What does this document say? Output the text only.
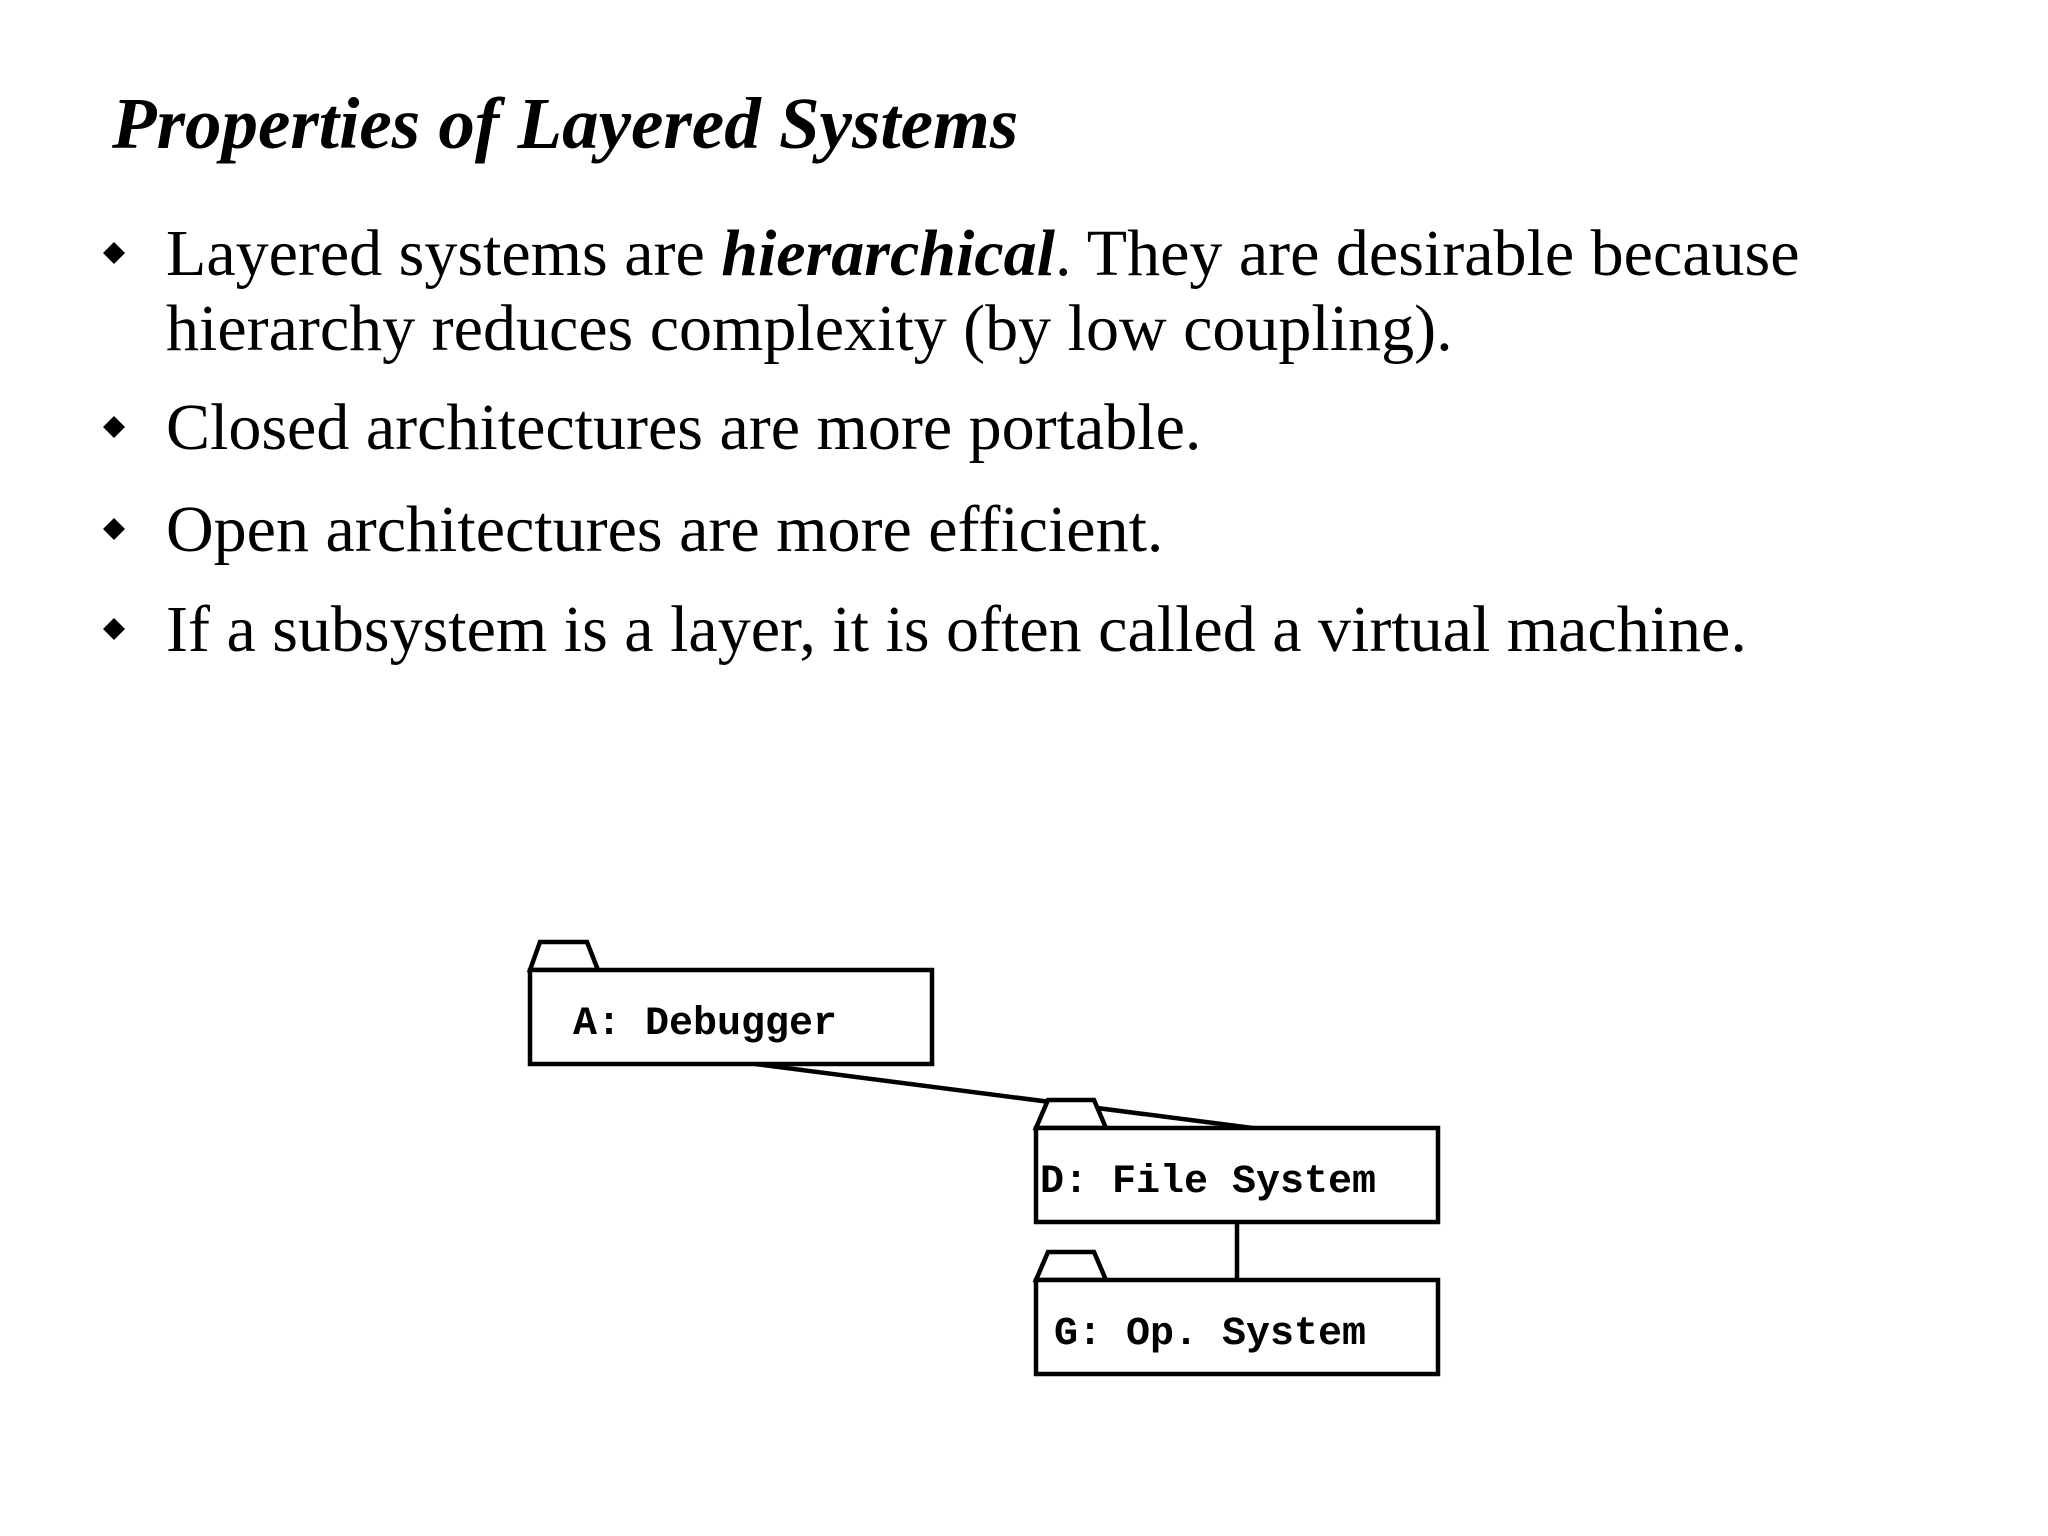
Properties of Layered Systems

Layered systems are hierarchical. They are desirable because
hierarchy reduces complexity (by low coupling).

Closed architectures are more portable.

Open architectures are more efficient.

If a subsystem is a layer, it is often called a virtual machine.

A: Debugger
D: File System
G: Op. System
